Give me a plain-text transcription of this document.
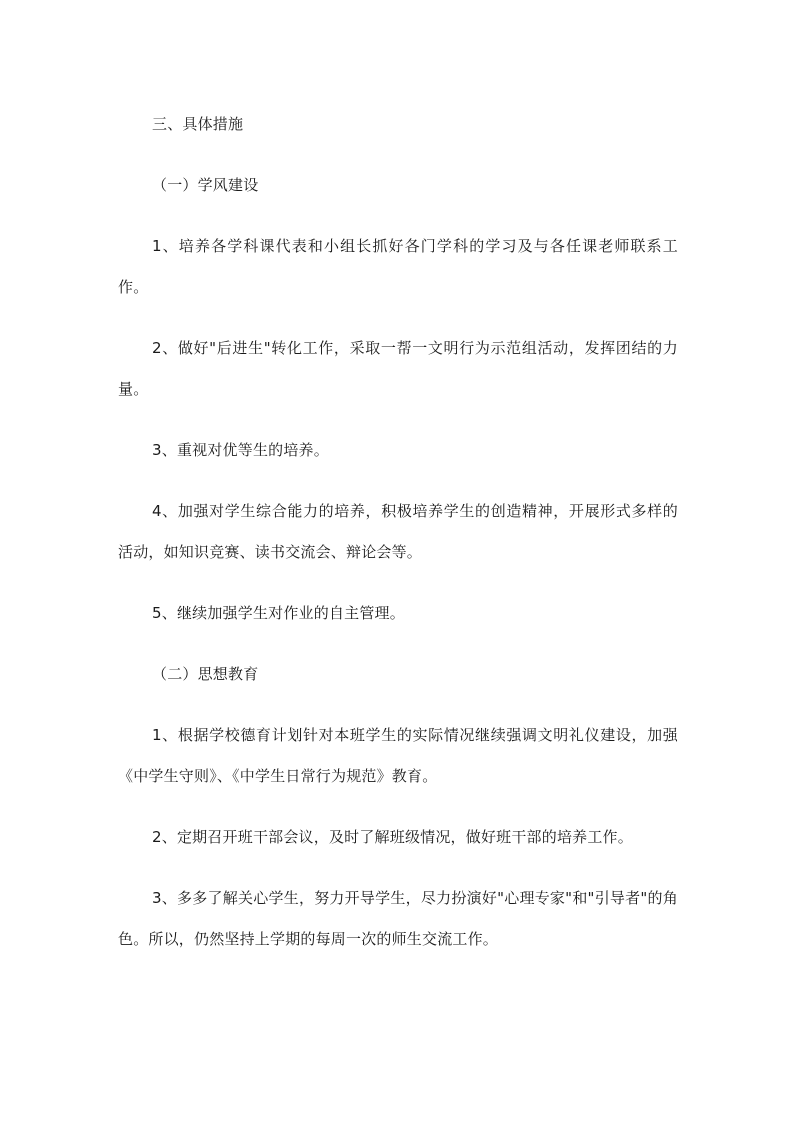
三、具体措施

（一）学风建设

1、培养各学科课代表和小组长抓好各门学科的学习及与各任课老师联系工作。

2、做好"后进生"转化工作，采取一帮一文明行为示范组活动，发挥团结的力量。

3、重视对优等生的培养。

4、加强对学生综合能力的培养，积极培养学生的创造精神，开展形式多样的活动，如知识竞赛、读书交流会、辩论会等。

5、继续加强学生对作业的自主管理。

（二）思想教育

1、根据学校德育计划针对本班学生的实际情况继续强调文明礼仪建设，加强《中学生守则》、《中学生日常行为规范》教育。

2、定期召开班干部会议，及时了解班级情况，做好班干部的培养工作。

3、多多了解关心学生，努力开导学生，尽力扮演好"心理专家"和"引导者"的角色。所以，仍然坚持上学期的每周一次的师生交流工作。
